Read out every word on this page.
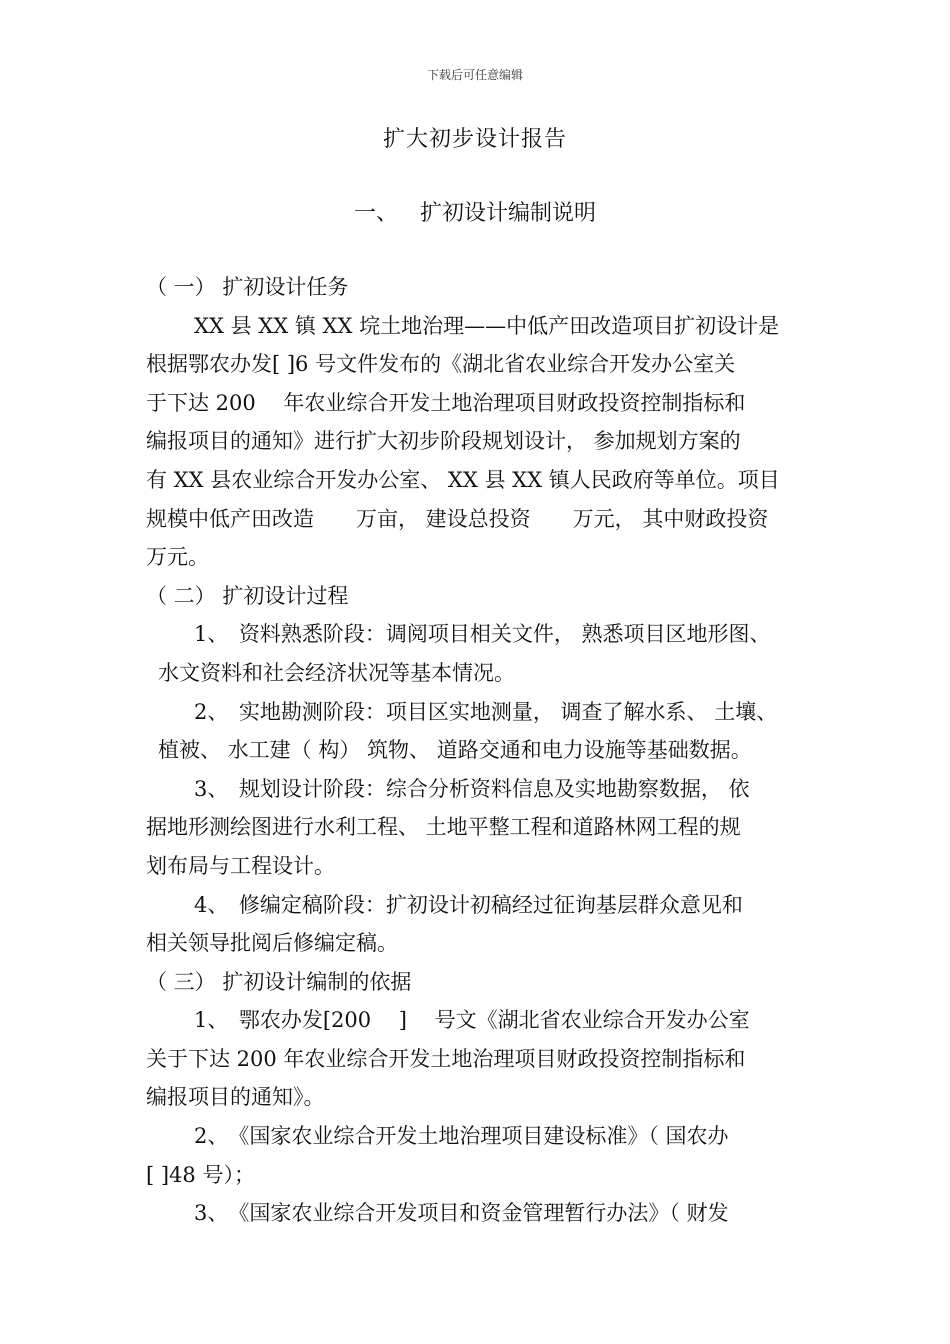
下载后可任意编辑
扩大初步设计报告
一、 扩初设计编制说明
（ 一） 扩初设计任务
XX 县 XX 镇 XX 垸土地治理——中低产田改造项目扩初设计是
根据鄂农办发[ ]6 号文件发布的《湖北省农业综合开发办公室关
于下达 200　 年农业综合开发土地治理项目财政投资控制指标和
编报项目的通知》进行扩大初步阶段规划设计， 参加规划方案的
有 XX 县农业综合开发办公室、 XX 县 XX 镇人民政府等单位。项目
规模中低产田改造　　万亩， 建设总投资　　万元， 其中财政投资
万元。
（ 二） 扩初设计过程
1、　资料熟悉阶段：调阅项目相关文件， 熟悉项目区地形图、
水文资料和社会经济状况等基本情况。
2、　实地勘测阶段：项目区实地测量， 调查了解水系、 土壤、
植被、 水工建（ 构） 筑物、 道路交通和电力设施等基础数据。
3、　规划设计阶段：综合分析资料信息及实地勘察数据， 依
据地形测绘图进行水利工程、 土地平整工程和道路林网工程的规
划布局与工程设计。
4、　修编定稿阶段：扩初设计初稿经过征询基层群众意见和
相关领导批阅后修编定稿。
（ 三） 扩初设计编制的依据
1、　鄂农办发[200　 ]　 号文《湖北省农业综合开发办公室
关于下达 200 年农业综合开发土地治理项目财政投资控制指标和
编报项目的通知》。
2、　《国家农业综合开发土地治理项目建设标准》（ 国农办
[ ]48 号）；
3、　《国家农业综合开发项目和资金管理暂行办法》（ 财发
